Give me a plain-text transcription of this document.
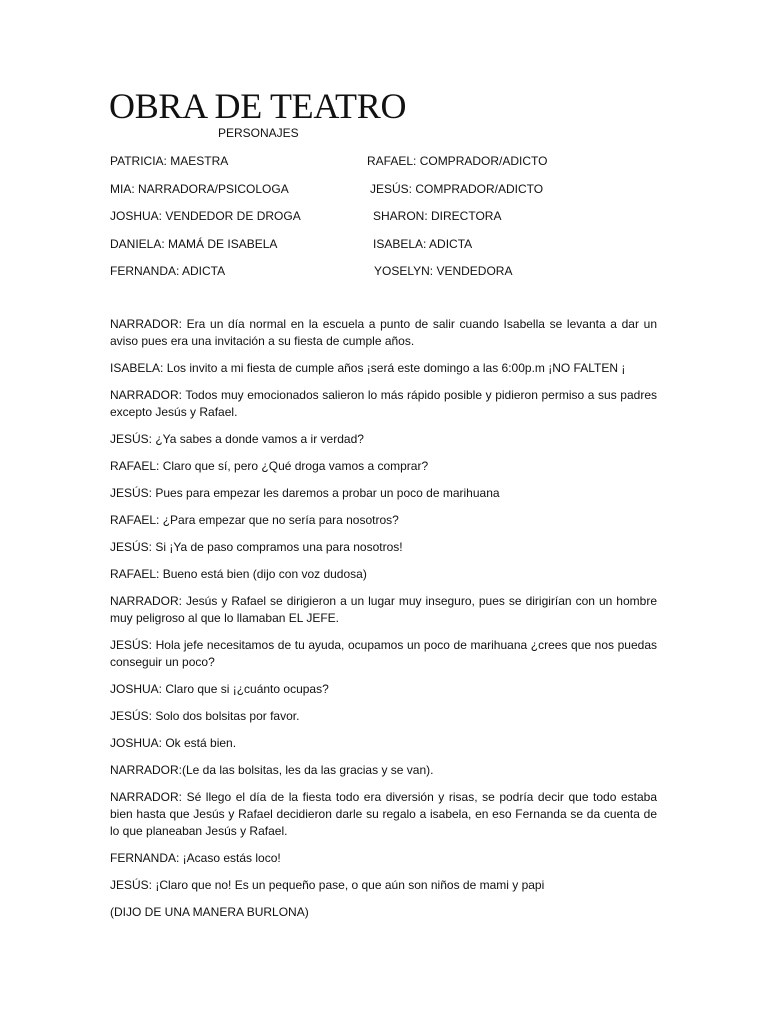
OBRA DE TEATRO
PERSONAJES
PATRICIA: MAESTRA	RAFAEL: COMPRADOR/ADICTO
MIA: NARRADORA/PSICOLOGA	JESÚS: COMPRADOR/ADICTO
JOSHUA: VENDEDOR DE DROGA	SHARON: DIRECTORA
DANIELA: MAMÁ DE ISABELA	ISABELA: ADICTA
FERNANDA: ADICTA	YOSELYN: VENDEDORA

NARRADOR: Era un día normal en la escuela a punto de salir cuando Isabella se levanta a dar un aviso pues era una invitación a su fiesta de cumple años.

ISABELA: Los invito a mi fiesta de cumple años ¡será este domingo a las 6:00p.m ¡NO FALTEN ¡

NARRADOR: Todos muy emocionados salieron lo más rápido posible y pidieron permiso a sus padres excepto Jesús y Rafael.

JESÚS: ¿Ya sabes a donde vamos a ir verdad?

RAFAEL: Claro que sí, pero ¿Qué droga vamos a comprar?

JESÚS: Pues para empezar les daremos a probar un poco de marihuana

RAFAEL: ¿Para empezar que no sería para nosotros?

JESÚS: Si ¡Ya de paso compramos una para nosotros!

RAFAEL: Bueno está bien (dijo con voz dudosa)

NARRADOR: Jesús y Rafael se dirigieron a un lugar muy inseguro, pues se dirigirían con un hombre muy peligroso al que lo llamaban EL JEFE.

JESÚS: Hola jefe necesitamos de tu ayuda, ocupamos un poco de marihuana ¿crees que nos puedas conseguir un poco?

JOSHUA: Claro que si ¡¿cuánto ocupas?

JESÚS: Solo dos bolsitas por favor.

JOSHUA: Ok está bien.

NARRADOR:(Le da las bolsitas, les da las gracias y se van).

NARRADOR: Sé llego el día de la fiesta todo era diversión y risas, se podría decir que todo estaba bien hasta que Jesús y Rafael decidieron darle su regalo a isabela, en eso Fernanda se da cuenta de lo que planeaban Jesús y Rafael.

FERNANDA: ¡Acaso estás loco!

JESÚS: ¡Claro que no! Es un pequeño pase, o que aún son niños de mami y papi

(DIJO DE UNA MANERA BURLONA)
